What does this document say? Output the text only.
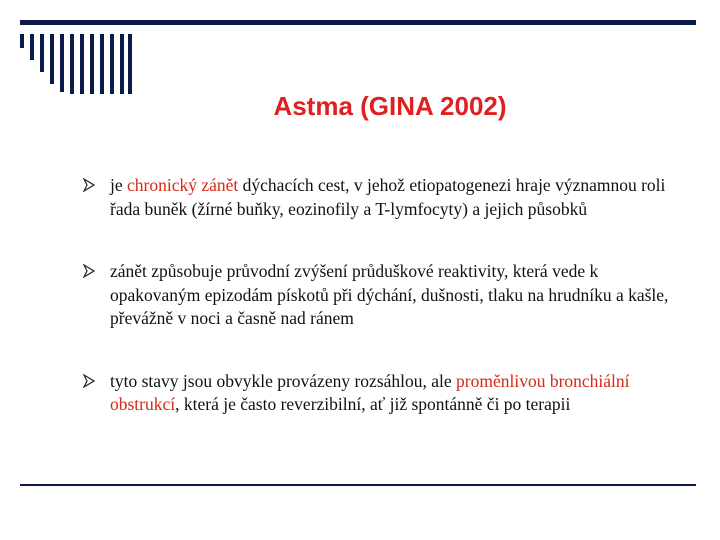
Astma (GINA 2002)
je chronický zánět dýchacích cest, v jehož etiopatogenezi hraje významnou roli řada buněk (žírné buňky, eozinofily a T-lymfocyty) a jejich působků
zánět způsobuje průvodní zvýšení průduškové reaktivity, která vede k opakovaným epizodám pískotů při dýchání, dušnosti, tlaku na hrudníku a kašle, převážně v noci a časně nad ránem
tyto stavy jsou obvykle provázeny rozsáhlou, ale proměnlivou bronchiální obstrukcí, která je často reverzibilní, ať již spontánně či po terapii
